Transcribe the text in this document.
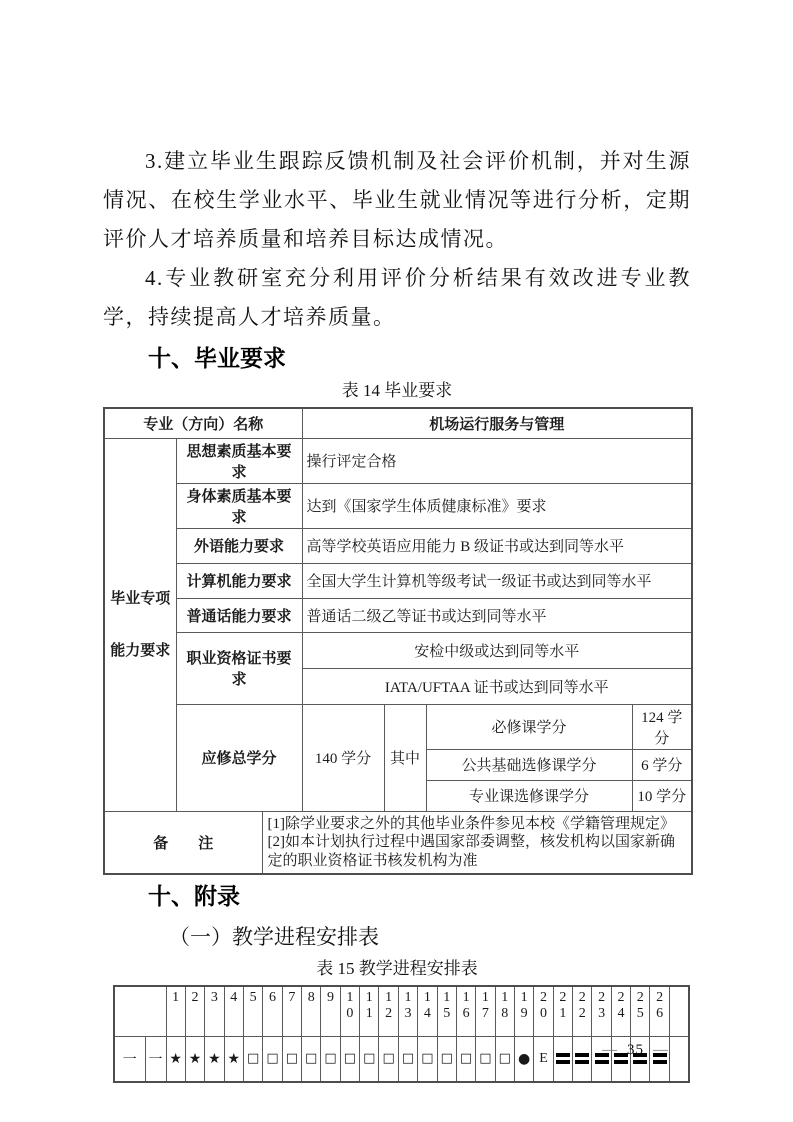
3.建立毕业生跟踪反馈机制及社会评价机制，并对生源情况、在校生学业水平、毕业生就业情况等进行分析，定期评价人才培养质量和培养目标达成情况。

4.专业教研室充分利用评价分析结果有效改进专业教学，持续提高人才培养质量。

十、毕业要求
表 14 毕业要求
专业（方向）名称			机场运行服务与管理			

毕业专项
能力要求	思想素质基本要求		操行评定合格			
	身体素质基本要求		达到《国家学生体质健康标准》要求			
	外语能力要求		高等学校英语应用能力 B 级证书或达到同等水平			
	计算机能力要求		全国大学生计算机等级考试一级证书或达到同等水平			
	普通话能力要求		普通话二级乙等证书或达到同等水平			
	职业资格证书要求		安检中级或达到同等水平			
			IATA/UFTAA 证书或达到同等水平			
	应修总学分		140 学分	其中	必修课学分	124 学分
					公共基础选修课学分	6 学分
					专业课选修课学分	10 学分
备　　注		[1]除学业要求之外的其他毕业条件参见本校《学籍管理规定》
[2]如本计划执行过程中遇国家部委调整，核发机构以国家新确定的职业资格证书核发机构为准				
十、附录
（一）教学进程安排表
表 15 教学进程安排表
		1	2	3	4	5	6	7	8	9	10	11	12	13	14	15	16	17	18	19	20	21	22	23	24	25	26	
一	一	★	★	★	★	□	□	□	□	□	□	□	□	□	□	□	□	□	□	●	E							
— 35 —
